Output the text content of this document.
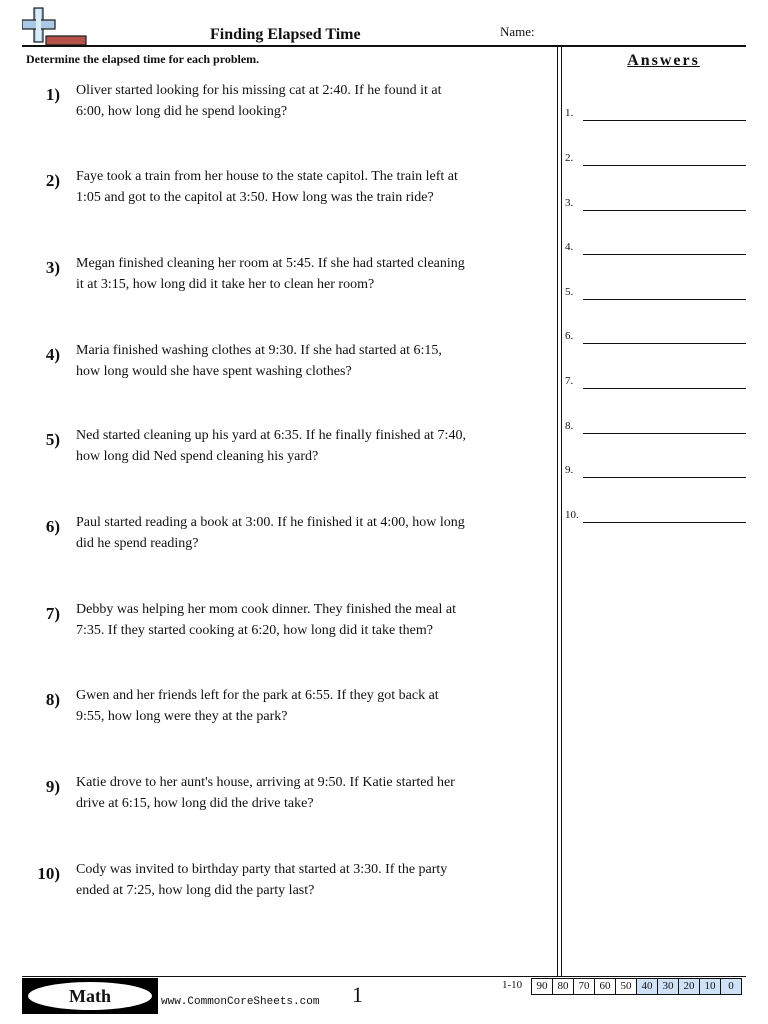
Finding Elapsed Time	Name:
Determine the elapsed time for each problem.
1) Oliver started looking for his missing cat at 2:40. If he found it at 6:00, how long did he spend looking?
2) Faye took a train from her house to the state capitol. The train left at 1:05 and got to the capitol at 3:50. How long was the train ride?
3) Megan finished cleaning her room at 5:45. If she had started cleaning it at 3:15, how long did it take her to clean her room?
4) Maria finished washing clothes at 9:30. If she had started at 6:15, how long would she have spent washing clothes?
5) Ned started cleaning up his yard at 6:35. If he finally finished at 7:40, how long did Ned spend cleaning his yard?
6) Paul started reading a book at 3:00. If he finished it at 4:00, how long did he spend reading?
7) Debby was helping her mom cook dinner. They finished the meal at 7:35. If they started cooking at 6:20, how long did it take them?
8) Gwen and her friends left for the park at 6:55. If they got back at 9:55, how long were they at the park?
9) Katie drove to her aunt's house, arriving at 9:50. If Katie started her drive at 6:15, how long did the drive take?
10) Cody was invited to birthday party that started at 3:30. If the party ended at 7:25, how long did the party last?
Answers
1.
2.
3.
4.
5.
6.
7.
8.
9.
10.
Math	www.CommonCoreSheets.com 1	1-10	90 80 70 60 50 40 30 20 10	0
